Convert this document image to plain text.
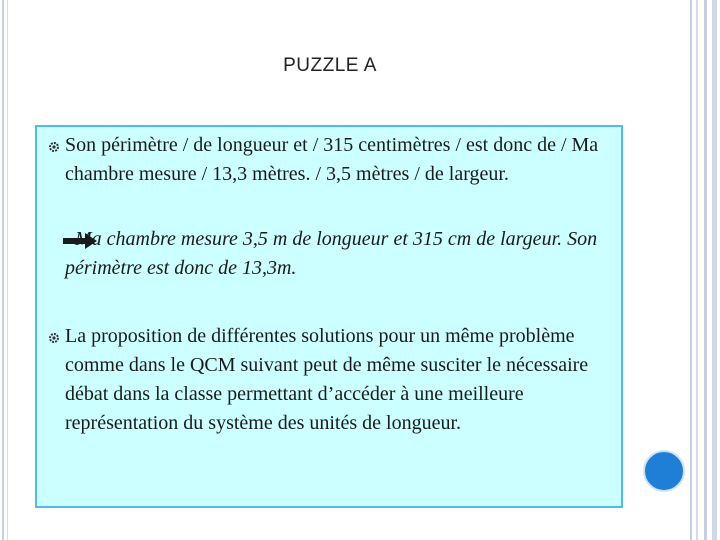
PUZZLE A
Son périmètre / de longueur et / 315 centimètres / est donc de / Ma chambre mesure / 13,3 mètres. / 3,5 mètres / de largeur.
Ma chambre mesure 3,5 m de longueur et 315 cm de largeur. Son périmètre est donc de 13,3m.
La proposition de différentes solutions pour un même problème comme dans le QCM suivant peut de même susciter le nécessaire débat dans la classe permettant d’accéder à une meilleure représentation du système des unités de longueur.
